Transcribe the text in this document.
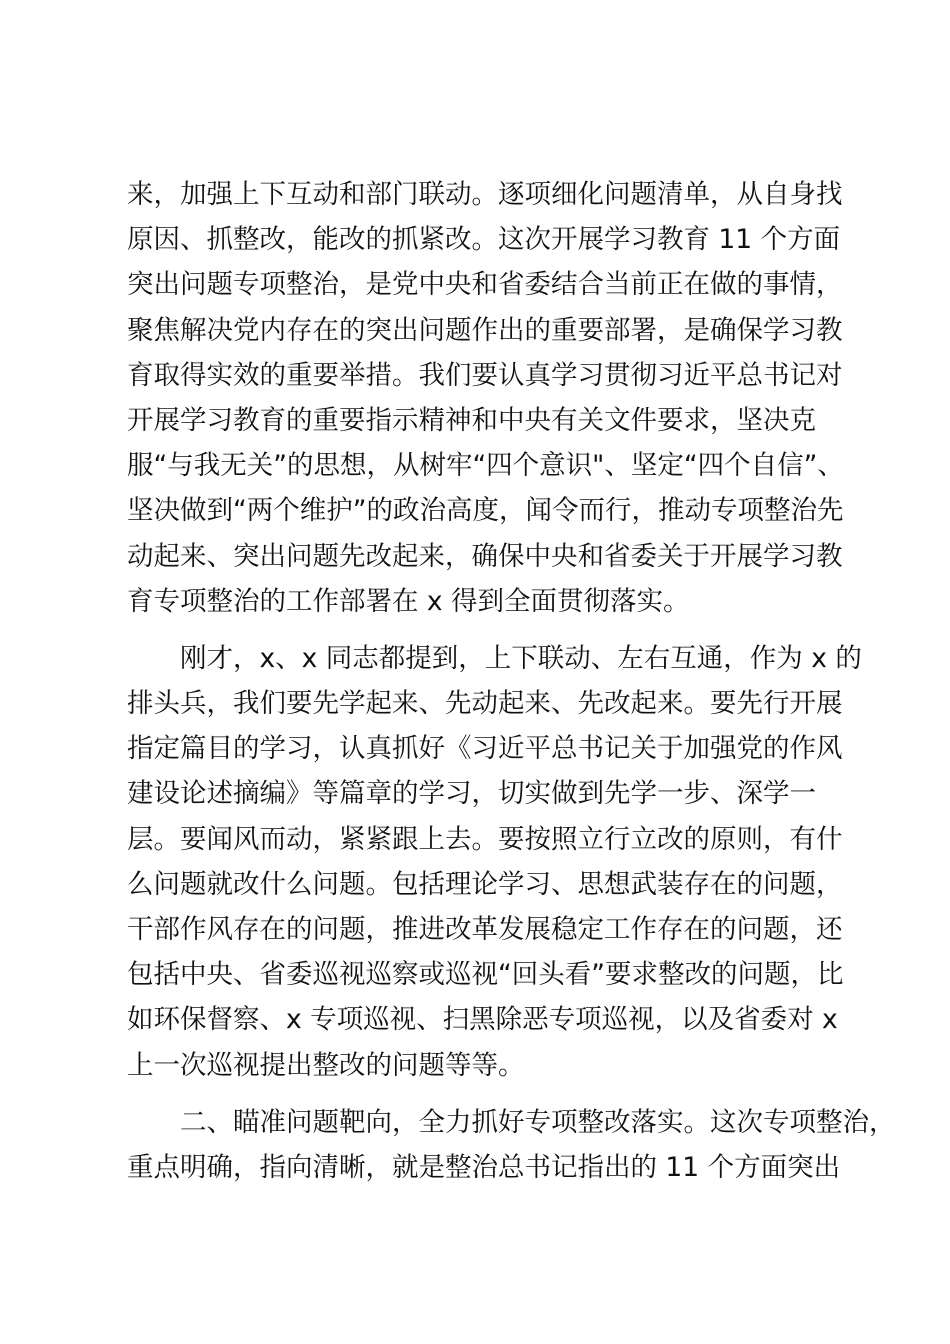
来，加强上下互动和部门联动。逐项细化问题清单，从自身找
原因、抓整改，能改的抓紧改。这次开展学习教育 11 个方面
突出问题专项整治，是党中央和省委结合当前正在做的事情，
聚焦解决党内存在的突出问题作出的重要部署，是确保学习教
育取得实效的重要举措。我们要认真学习贯彻习近平总书记对
开展学习教育的重要指示精神和中央有关文件要求，坚决克
服“与我无关”的思想，从树牢“四个意识"、坚定“四个自信”、
坚决做到“两个维护”的政治高度，闻令而行，推动专项整治先
动起来、突出问题先改起来，确保中央和省委关于开展学习教
育专项整治的工作部署在 x 得到全面贯彻落实。
刚才，x、x 同志都提到，上下联动、左右互通，作为 x 的
排头兵，我们要先学起来、先动起来、先改起来。要先行开展
指定篇目的学习，认真抓好《习近平总书记关于加强党的作风
建设论述摘编》等篇章的学习，切实做到先学一步、深学一
层。要闻风而动，紧紧跟上去。要按照立行立改的原则，有什
么问题就改什么问题。包括理论学习、思想武装存在的问题，
干部作风存在的问题，推进改革发展稳定工作存在的问题，还
包括中央、省委巡视巡察或巡视“回头看”要求整改的问题，比
如环保督察、x 专项巡视、扫黑除恶专项巡视，以及省委对 x
上一次巡视提出整改的问题等等。
二、瞄准问题靶向，全力抓好专项整改落实。这次专项整治，
重点明确，指向清晰，就是整治总书记指出的 11 个方面突出
